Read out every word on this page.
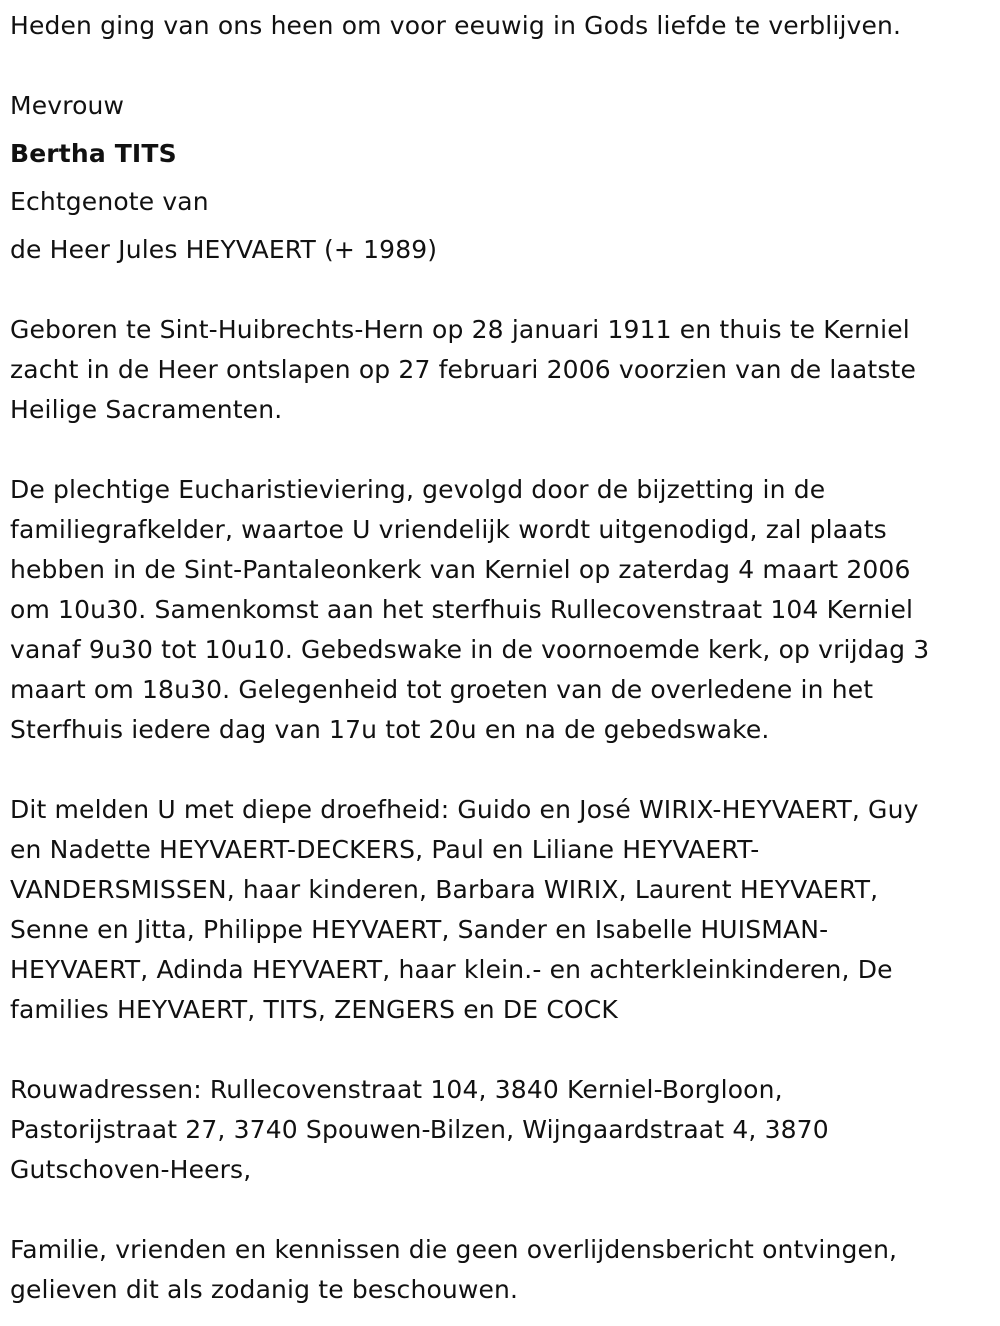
Heden ging van ons heen om voor eeuwig in Gods liefde te verblijven.
Mevrouw
Bertha TITS
Echtgenote van
de Heer Jules HEYVAERT (+ 1989)
Geboren te Sint-Huibrechts-Hern op 28 januari 1911 en thuis te Kerniel
zacht in de Heer ontslapen op 27 februari 2006 voorzien van de laatste
Heilige Sacramenten.
De plechtige Eucharistieviering, gevolgd door de bijzetting in de
familiegrafkelder, waartoe U vriendelijk wordt uitgenodigd, zal plaats
hebben in de Sint-Pantaleonkerk van Kerniel op zaterdag 4 maart 2006
om 10u30. Samenkomst aan het sterfhuis Rullecovenstraat 104 Kerniel
vanaf 9u30 tot 10u10. Gebedswake in de voornoemde kerk, op vrijdag 3
maart om 18u30. Gelegenheid tot groeten van de overledene in het
Sterfhuis iedere dag van 17u tot 20u en na de gebedswake.
Dit melden U met diepe droefheid: Guido en José WIRIX-HEYVAERT, Guy
en Nadette HEYVAERT-DECKERS, Paul en Liliane HEYVAERT-
VANDERSMISSEN, haar kinderen, Barbara WIRIX, Laurent HEYVAERT,
Senne en Jitta, Philippe HEYVAERT, Sander en Isabelle HUISMAN-
HEYVAERT, Adinda HEYVAERT, haar klein.- en achterkleinkinderen, De
families HEYVAERT, TITS, ZENGERS en DE COCK
Rouwadressen: Rullecovenstraat 104, 3840 Kerniel-Borgloon,
Pastorijstraat 27, 3740 Spouwen-Bilzen, Wijngaardstraat 4, 3870
Gutschoven-Heers,
Familie, vrienden en kennissen die geen overlijdensbericht ontvingen,
gelieven dit als zodanig te beschouwen.
